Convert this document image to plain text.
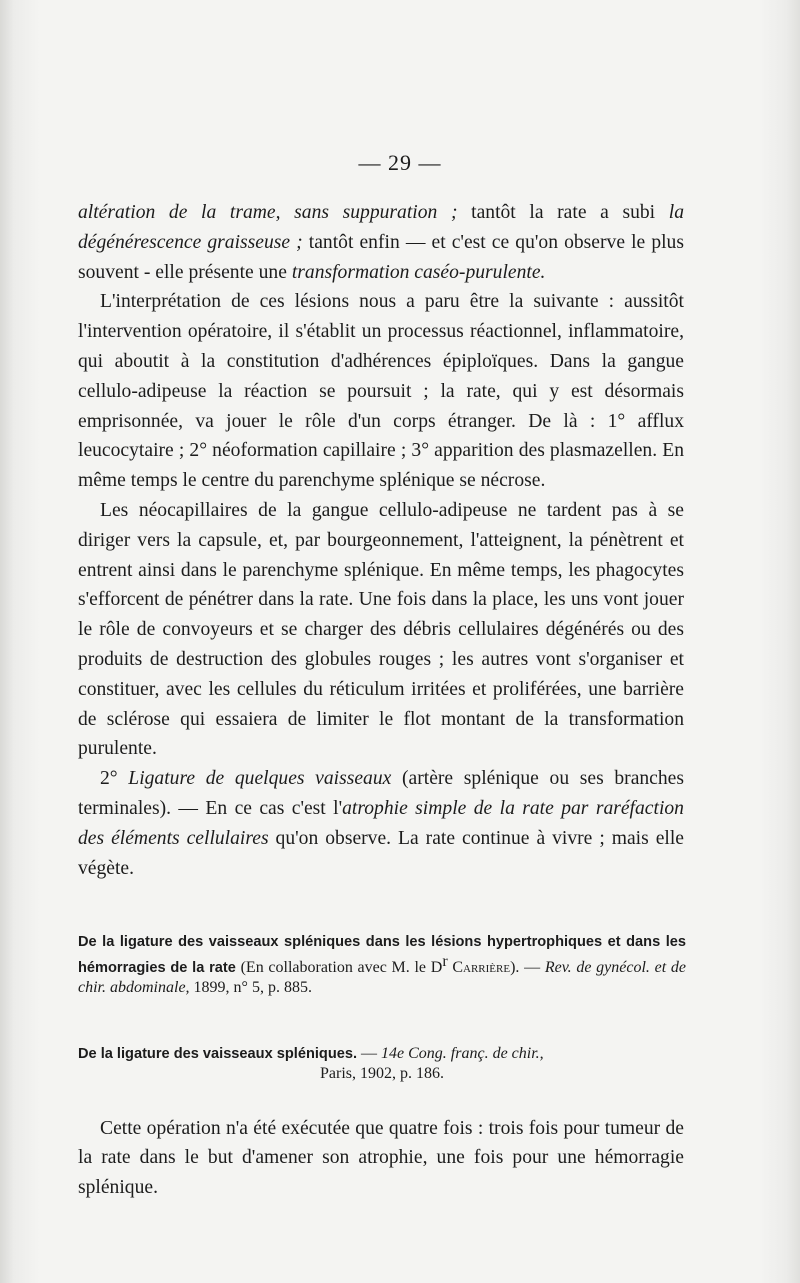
— 29 —

altération de la trame, sans suppuration ; tantôt la rate a subi la dégénérescence graisseuse ; tantôt enfin — et c'est ce qu'on observe le plus souvent - elle présente une transformation caséo-purulente.

L'interprétation de ces lésions nous a paru être la suivante : aussitôt l'intervention opératoire, il s'établit un processus réactionnel, inflammatoire, qui aboutit à la constitution d'adhérences épiploïques. Dans la gangue cellulo-adipeuse la réaction se poursuit ; la rate, qui y est désormais emprisonnée, va jouer le rôle d'un corps étranger. De là : 1° afflux leucocytaire ; 2° néoformation capillaire ; 3° apparition des plasmazellen. En même temps le centre du parenchyme splénique se nécrose.

Les néocapillaires de la gangue cellulo-adipeuse ne tardent pas à se diriger vers la capsule, et, par bourgeonnement, l'atteignent, la pénètrent et entrent ainsi dans le parenchyme splénique. En même temps, les phagocytes s'efforcent de pénétrer dans la rate. Une fois dans la place, les uns vont jouer le rôle de convoyeurs et se charger des débris cellulaires dégénérés ou des produits de destruction des globules rouges ; les autres vont s'organiser et constituer, avec les cellules du réticulum irritées et proliférées, une barrière de sclérose qui essaiera de limiter le flot montant de la transformation purulente.

2° Ligature de quelques vaisseaux (artère splénique ou ses branches terminales). — En ce cas c'est l'atrophie simple de la rate par raréfaction des éléments cellulaires qu'on observe. La rate continue à vivre ; mais elle végète.

De la ligature des vaisseaux spléniques dans les lésions hypertrophiques et dans les hémorragies de la rate (En collaboration avec M. le $D^r$ Carrière). — Rev. de gynécol. et de chir. abdominale, 1899, n° 5, p. 885.
De la ligature des vaisseaux spléniques. — 14e Cong. franç. de chir.,
Paris, 1902, p. 186.

Cette opération n'a été exécutée que quatre fois : trois fois pour tumeur de la rate dans le but d'amener son atrophie, une fois pour une hémorragie splénique.
